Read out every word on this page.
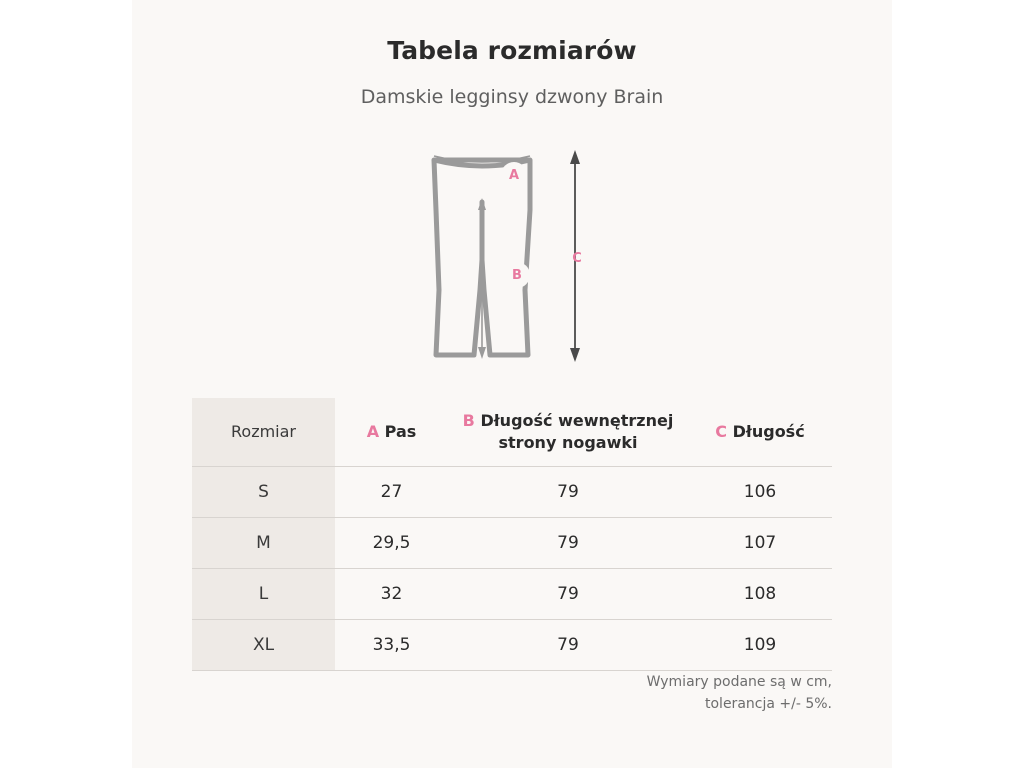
Tabela rozmiarów
Damskie legginsy dzwony Brain
A
B
C
Rozmiar	A Pas	B Długość wewnętrznej strony nogawki	C Długość
S	27	79	106
M	29,5	79	107
L	32	79	108
XL	33,5	79	109
Wymiary podane są w cm,
tolerancja +/- 5%.
